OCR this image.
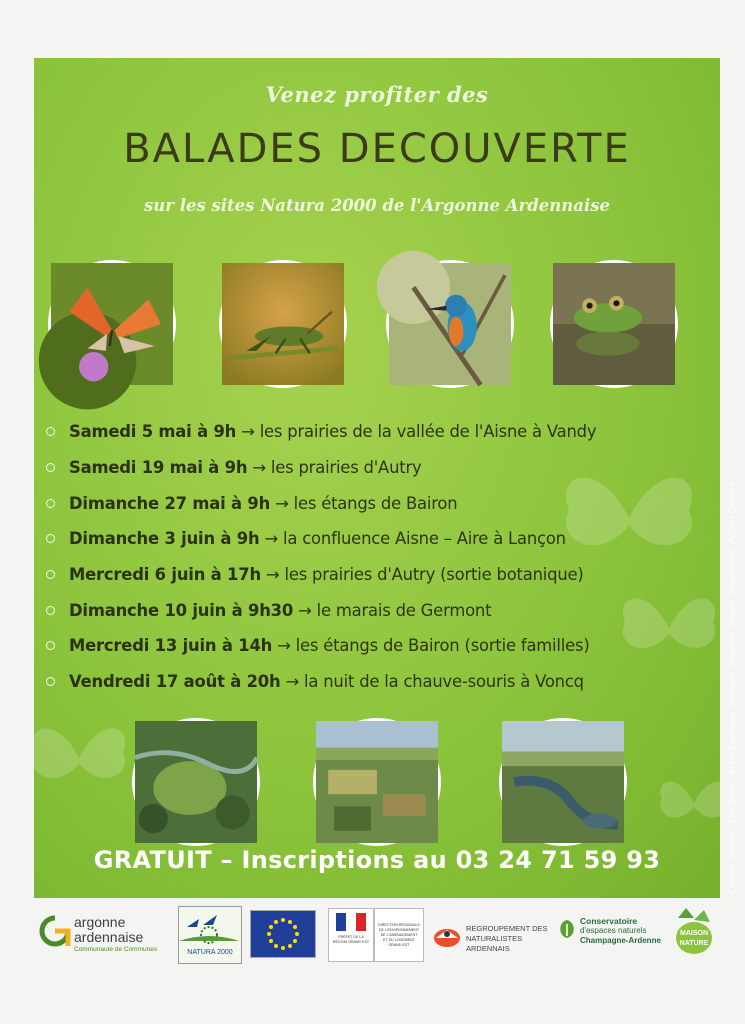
Venez profiter des
BALADES DECOUVERTE
sur les sites Natura 2000 de l'Argonne Ardennaise
Samedi 5 mai à 9h → les prairies de la vallée de l'Aisne à Vandy
Samedi 19 mai à 9h → les prairies d'Autry
Dimanche 27 mai à 9h → les étangs de Bairon
Dimanche 3 juin à 9h → la confluence Aisne – Aire à Lançon
Mercredi 6 juin à 17h → les prairies d'Autry (sortie botanique)
Dimanche 10 juin à 9h30 → le marais de Germont
Mercredi 13 juin à 14h → les étangs de Bairon (sortie familles)
Vendredi 17 août à 20h → la nuit de la chauve-souris à Voncq	Crédits photos : Luc Gizart, Alain Sauvage, François Cuvelier, Johann Coussinard, Action Drones
GRATUIT – Inscriptions au 03 24 71 59 93
argonne
ardennaise
Communauté de Communes	NATURA 2000
PRÉFET DE LA RÉGION GRAND EST
DIRECTION RÉGIONALE DE L'ENVIRONNEMENT DE L'AMÉNAGEMENT ET DU LOGEMENT GRAND EST
REGROUPEMENT DES
NATURALISTES
ARDENNAIS
Conservatoire
d'espaces naturels
Champagne-Ardenne
MAISON
NATURE
